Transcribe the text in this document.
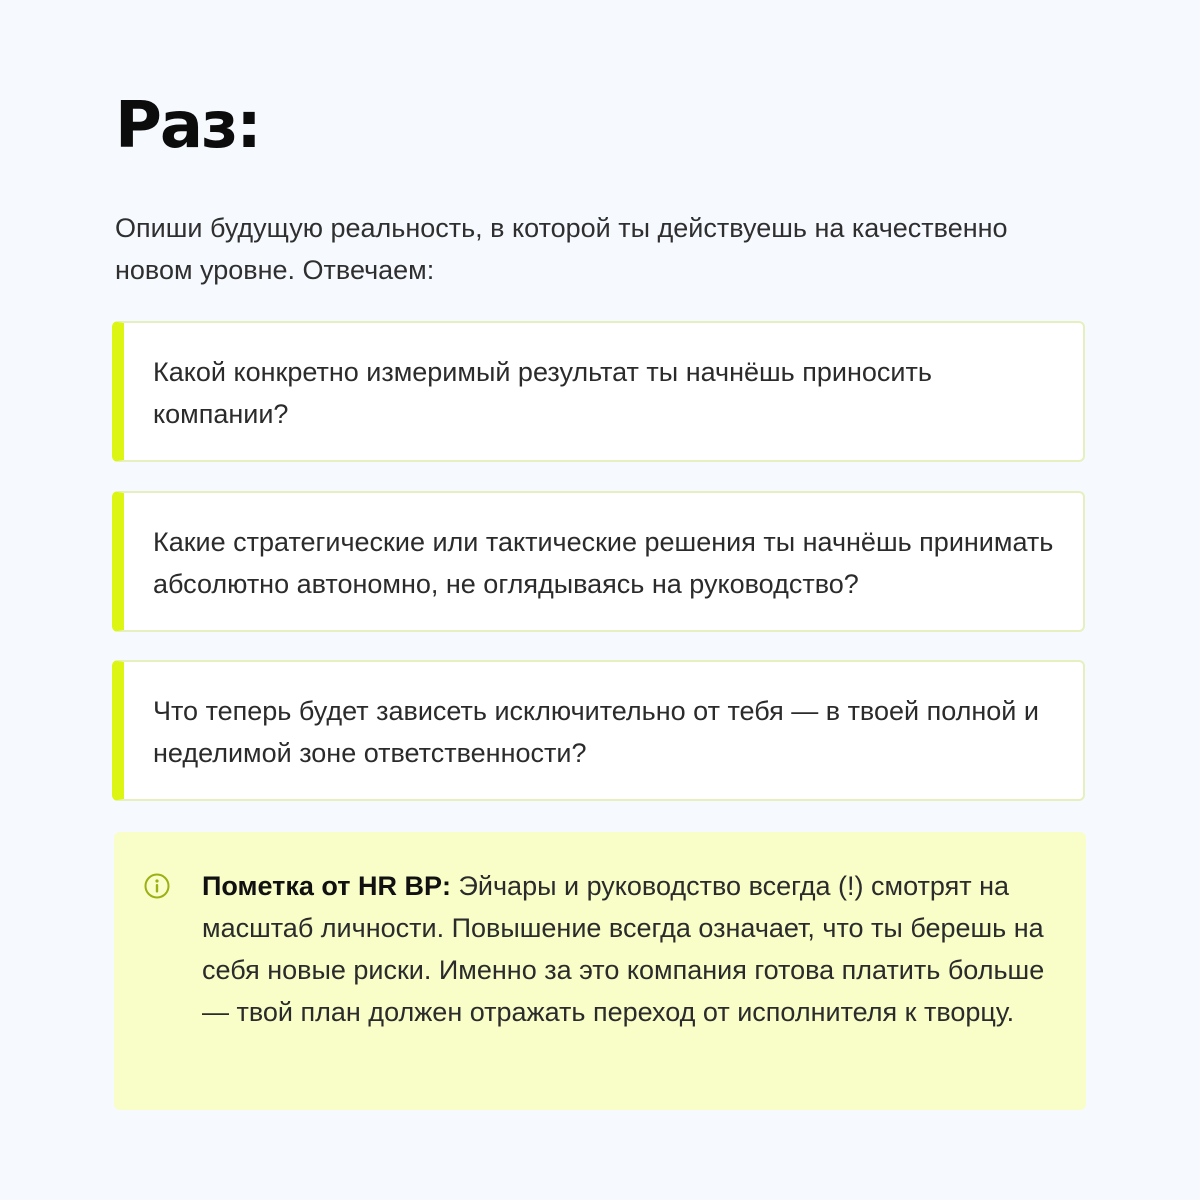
Раз:

Опиши будущую реальность, в которой ты действуешь на качественно новом уровне. Отвечаем:

Какой конкретно измеримый результат ты начнёшь приносить компании?

Какие стратегические или тактические решения ты начнёшь принимать абсолютно автономно, не оглядываясь на руководство?

Что теперь будет зависеть исключительно от тебя — в твоей полной и неделимой зоне ответственности?

Пометка от HR BP: Эйчары и руководство всегда (!) смотрят на масштаб личности. Повышение всегда означает, что ты берешь на себя новые риски. Именно за это компания готова платить больше — твой план должен отражать переход от исполнителя к творцу.
